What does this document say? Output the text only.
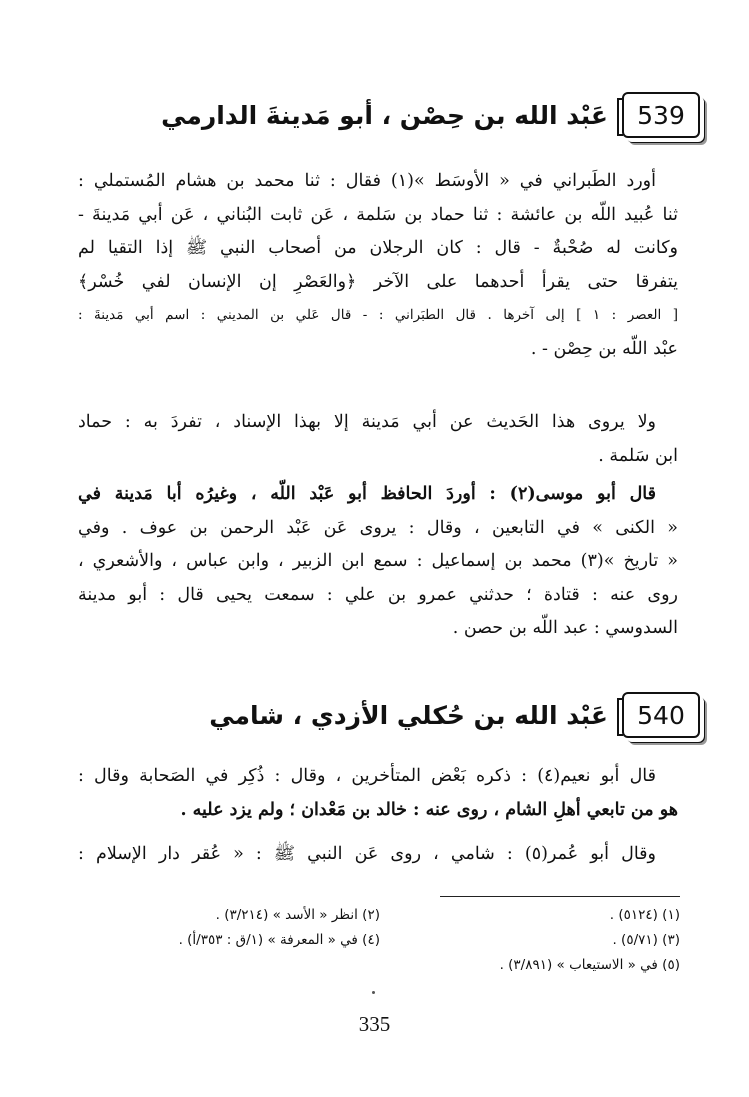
539
عَبْد الله بن حِصْن ، أبو مَدينةَ الدارمي
أورد الطَبراني في « الأوسَط »(١) فقال : ثنا محمد بن هشام المُستملي :
ثنا عُبيد اللّه بن عائشة : ثنا حماد بن سَلمة ، عَن ثابت البُناني ، عَن أبي مَدينةَ -
وكانت له صُحْبةٌ - قال : كان الرجلان من أصحاب النبي ﷺ إذا التقيا لم
يتفرقا حتى يقرأ أحدهما على الآخر ﴿والعَصْرِ إن الإنسان لفي خُسْر﴾
[ العصر : ١ ] إلى آخرها . قال الطبَراني : - قال عَلي بن المديني : اسم أبي مَدينةَ :
عبْد اللّه بن حِصْن - .
ولا يروى هذا الحَديث عن أبي مَدينة إلا بهذا الإسناد ، تفردَ به : حماد
ابن سَلمة .
قال أبو موسى(٢) : أوردَ الحافظ أبو عَبْد اللّه ، وغيرُه أبا مَدينة في
« الكنى » في التابعين ، وقال : يروى عَن عَبْد الرحمن بن عوف . وفي
« تاريخ »(٣) محمد بن إسماعيل : سمع ابن الزبير ، وابن عباس ، والأشعري ،
روى عنه : قتادة ؛ حدثني عمرو بن علي : سمعت يحيى قال : أبو مدينة
السدوسي : عبد اللّه بن حصن .
540
عَبْد الله بن حُكلي الأزدي ، شامي
قال أبو نعيم(٤) : ذكره بَعْض المتأخرين ، وقال : ذُكِر في الصَحابة وقال :
هو من تابعي أهلِ الشام ، روى عنه : خالد بن مَعْدان ؛ ولم يزد عليه .
وقال أبو عُمر(٥) : شامي ، روى عَن النبي ﷺ : « عُقر دار الإسلام :
(١) (٥١٢٤) .
(٢) انظر « الأسد » (٣/٢١٤) .
(٣) (٥/٧١) .
(٤) في « المعرفة » (١/ق : ٣٥٣/أ) .
(٥) في « الاستيعاب » (٣/٨٩١) .
335
